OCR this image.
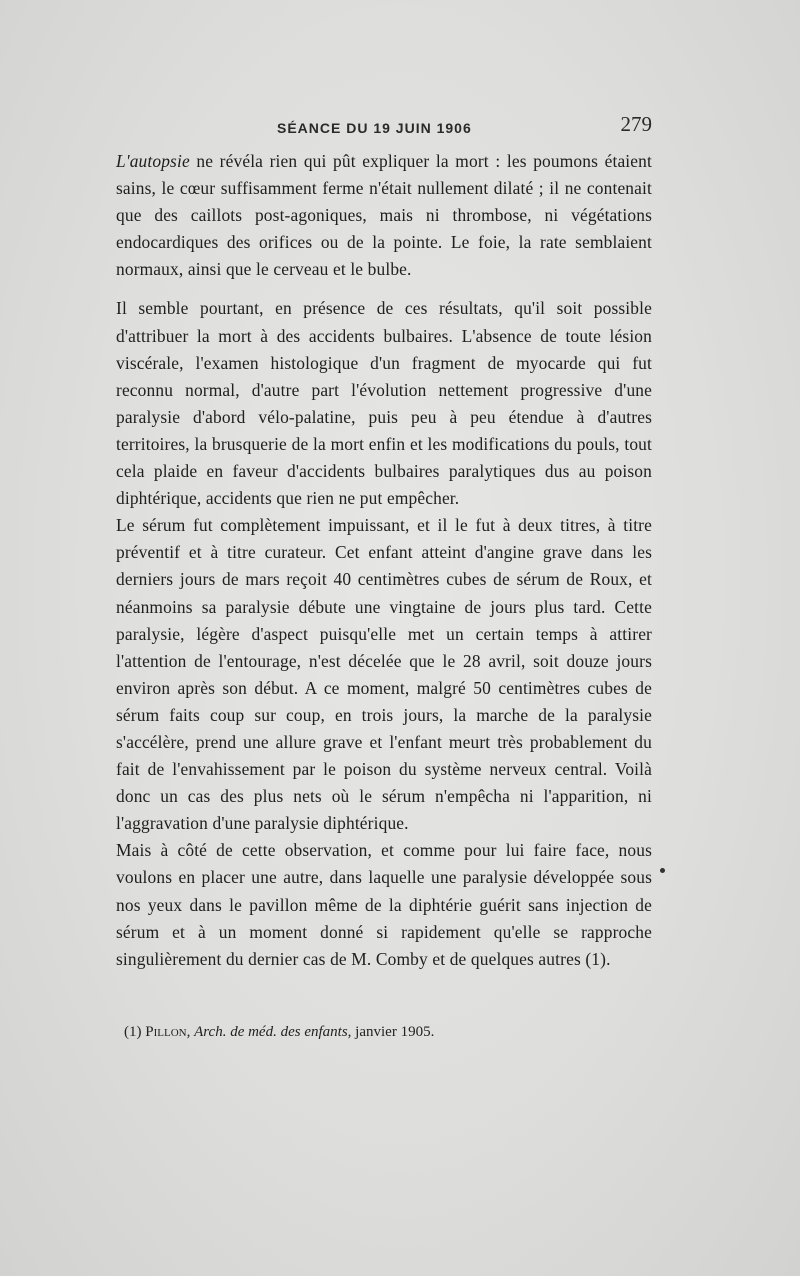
SÉANCE DU 19 JUIN 1906	279

L'autopsie ne révéla rien qui pût expliquer la mort : les poumons étaient sains, le cœur suffisamment ferme n'était nullement dilaté ; il ne contenait que des caillots post-agoniques, mais ni thrombose, ni végétations endocardiques des orifices ou de la pointe. Le foie, la rate semblaient normaux, ainsi que le cerveau et le bulbe.

Il semble pourtant, en présence de ces résultats, qu'il soit possible d'attribuer la mort à des accidents bulbaires. L'absence de toute lésion viscérale, l'examen histologique d'un fragment de myocarde qui fut reconnu normal, d'autre part l'évolution nettement progressive d'une paralysie d'abord vélo-palatine, puis peu à peu étendue à d'autres territoires, la brusquerie de la mort enfin et les modifications du pouls, tout cela plaide en faveur d'accidents bulbaires paralytiques dus au poison diphtérique, accidents que rien ne put empêcher.

Le sérum fut complètement impuissant, et il le fut à deux titres, à titre préventif et à titre curateur. Cet enfant atteint d'angine grave dans les derniers jours de mars reçoit 40 centimètres cubes de sérum de Roux, et néanmoins sa paralysie débute une vingtaine de jours plus tard. Cette paralysie, légère d'aspect puisqu'elle met un certain temps à attirer l'attention de l'entourage, n'est décelée que le 28 avril, soit douze jours environ après son début. A ce moment, malgré 50 centimètres cubes de sérum faits coup sur coup, en trois jours, la marche de la paralysie s'accélère, prend une allure grave et l'enfant meurt très probablement du fait de l'envahissement par le poison du système nerveux central. Voilà donc un cas des plus nets où le sérum n'empêcha ni l'apparition, ni l'aggravation d'une paralysie diphtérique.

Mais à côté de cette observation, et comme pour lui faire face, nous voulons en placer une autre, dans laquelle une paralysie développée sous nos yeux dans le pavillon même de la diphtérie guérit sans injection de sérum et à un moment donné si rapidement qu'elle se rapproche singulièrement du dernier cas de M. Comby et de quelques autres (1).

(1) Pillon, Arch. de méd. des enfants, janvier 1905.
